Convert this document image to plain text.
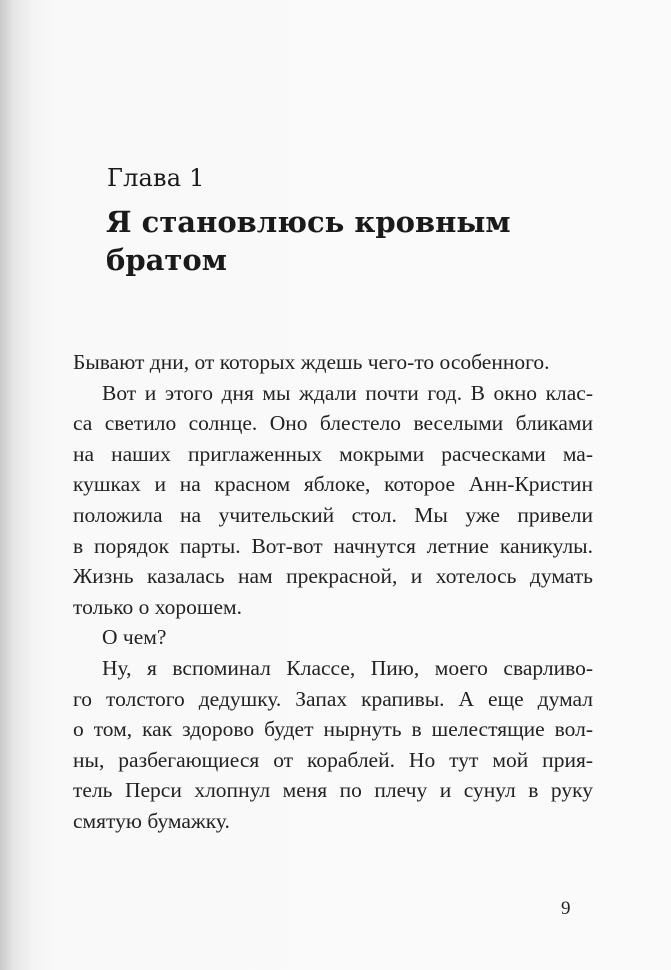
Глава 1
Я становлюсь кровным братом
Бывают дни, от которых ждешь чего-то особенного.
Вот и этого дня мы ждали почти год. В окно клас-
са светило солнце. Оно блестело веселыми бликами
на наших приглаженных мокрыми расческами ма-
кушках и на красном яблоке, которое Анн-Кристин
положила на учительский стол. Мы уже привели
в порядок парты. Вот-вот начнутся летние каникулы.
Жизнь казалась нам прекрасной, и хотелось думать
только о хорошем.
О чем?
Ну, я вспоминал Классе, Пию, моего сварливо-
го толстого дедушку. Запах крапивы. А еще думал
о том, как здорово будет нырнуть в шелестящие вол-
ны, разбегающиеся от кораблей. Но тут мой прия-
тель Перси хлопнул меня по плечу и сунул в руку
смятую бумажку.
9
